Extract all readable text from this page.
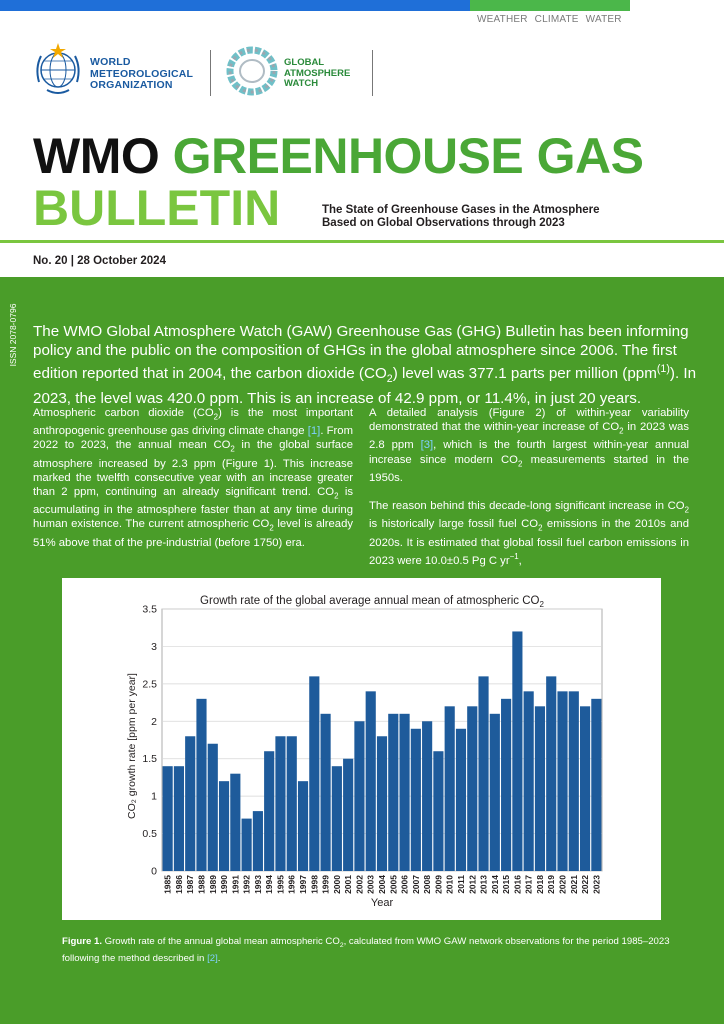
WEATHER CLIMATE WATER
WORLD
METEOROLOGICAL
ORGANIZATION
GLOBAL
ATMOSPHERE
WATCH
WMO GREENHOUSE GAS
BULLETIN	The State of Greenhouse Gases in the Atmosphere
Based on Global Observations through 2023
No. 20 | 28 October 2024
ISSN 2078-0796 The WMO Global Atmosphere Watch (GAW) Greenhouse Gas (GHG) Bulletin has been informing policy and the public on the composition of GHGs in the global atmosphere since 2006. The first edition reported that in 2004, the carbon dioxide $(CO_2)$ level was 377.1 parts per million (ppm$^{(1)}$). In 2023, the level was 420.0 ppm. This is an increase of 42.9 ppm, or 11.4%, in just 20 years.

Atmospheric carbon dioxide $(CO_2)$ is the most important anthropogenic greenhouse gas driving climate change [1]. From 2022 to 2023, the annual mean $CO_2$ in the global surface atmosphere increased by 2.3 ppm (Figure 1). This increase marked the twelfth consecutive year with an increase greater than 2 ppm, continuing an already significant trend. $CO_2$ is accumulating in the atmosphere faster than at any time during human existence. The current atmospheric $CO_2$ level is already 51% above that of the pre-industrial (before 1750) era.

A detailed analysis (Figure 2) of within-year variability demonstrated that the within-year increase of $CO_2$ in 2023 was 2.8 ppm [3], which is the fourth largest within-year annual increase since modern $CO_2$ measurements started in the 1950s.

The reason behind this decade-long significant increase in $CO_2$ is historically large fossil fuel $CO_2$ emissions in the 2010s and 2020s. It is estimated that global fossil fuel carbon emissions in 2023 were 10.0±0.5 Pg C $yr^{-1}$,

Growth rate of the global average annual mean of atmospheric $CO_2$
0
0.5
1
1.5
2
2.5
3
3.5
1985 1986 1987 1988 1989 1990 1991 1992 1993 1994 1995 1996 1997 1998 1999 2000 2001 2002 2003 2004 2005 2006 2007 2008 2009 2010 2011 2012 2013 2014 2015 2016 2017 2018 2019 2020 2021 2022 2023
Year
CO₂ growth rate [ppm per year]
Figure 1. Growth rate of the annual global mean atmospheric $CO_2$, calculated from WMO GAW network observations for the period 1985–2023 following the method described in [2].
